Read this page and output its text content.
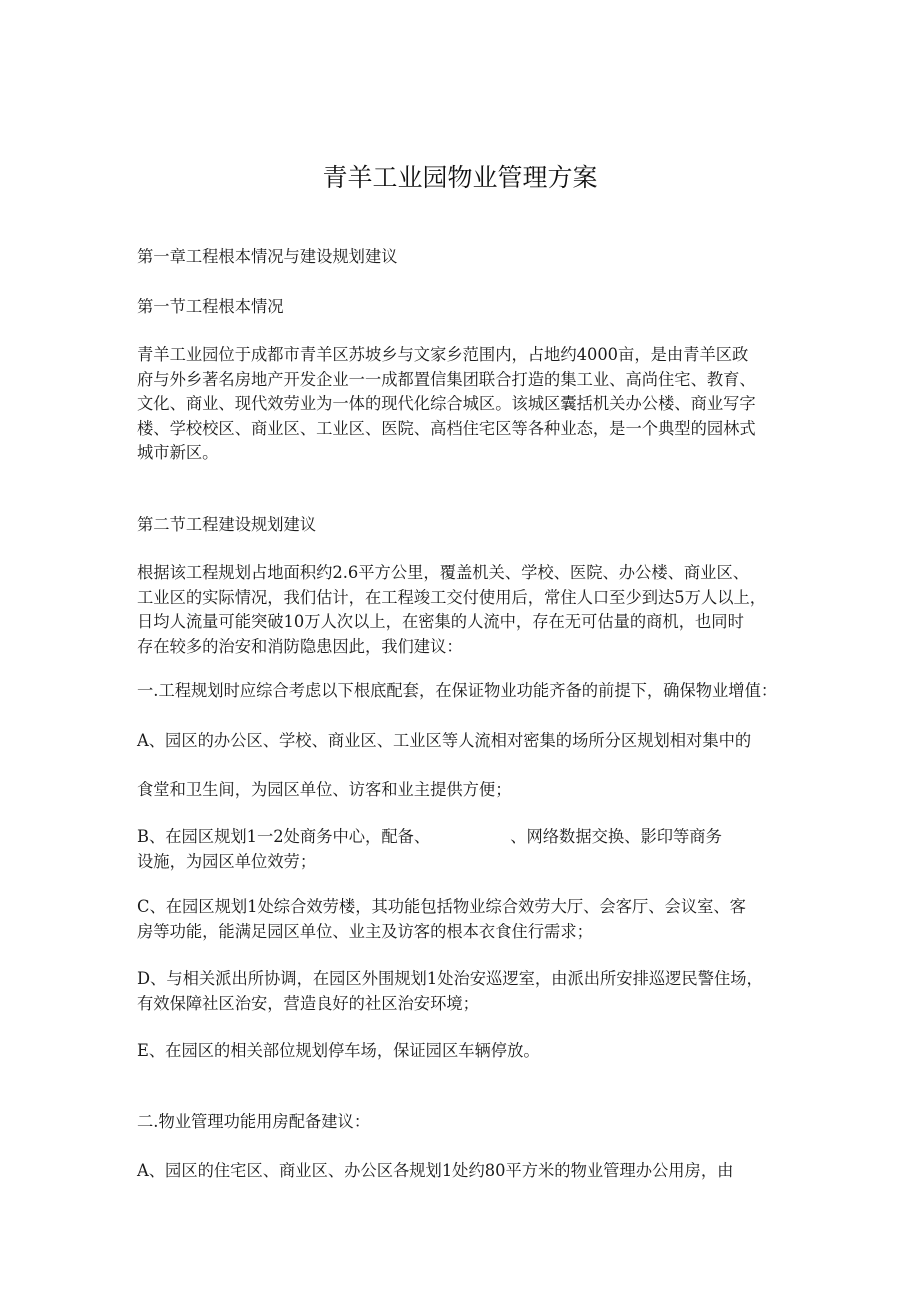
青羊工业园物业管理方案

第一章工程根本情况与建设规划建议

第一节工程根本情况

青羊工业园位于成都市青羊区苏坡乡与文家乡范围内，占地约4000亩，是由青羊区政
府与外乡著名房地产开发企业一一成都置信集团联合打造的集工业、高尚住宅、教育、
文化、商业、现代效劳业为一体的现代化综合城区。该城区囊括机关办公楼、商业写字
楼、学校校区、商业区、工业区、医院、高档住宅区等各种业态，是一个典型的园林式
城市新区。

第二节工程建设规划建议

根据该工程规划占地面积约2.6平方公里，覆盖机关、学校、医院、办公楼、商业区、
工业区的实际情况，我们估计，在工程竣工交付使用后，常住人口至少到达5万人以上，
日均人流量可能突破10万人次以上，在密集的人流中，存在无可估量的商机，也同时
存在较多的治安和消防隐患因此，我们建议：

一.工程规划时应综合考虑以下根底配套，在保证物业功能齐备的前提下，确保物业增值：

A、园区的办公区、学校、商业区、工业区等人流相对密集的场所分区规划相对集中的

食堂和卫生间，为园区单位、访客和业主提供方便；

B、在园区规划1一2处商务中心，配备、	、网络数据交换、影印等商务
设施，为园区单位效劳；
C、在园区规划1处综合效劳楼，其功能包括物业综合效劳大厅、会客厅、会议室、客
房等功能，能满足园区单位、业主及访客的根本衣食住行需求；
D、与相关派出所协调，在园区外围规划1处治安巡逻室，由派出所安排巡逻民警住场，
有效保障社区治安，营造良好的社区治安环境；

E、在园区的相关部位规划停车场，保证园区车辆停放。

二.物业管理功能用房配备建议：

A、园区的住宅区、商业区、办公区各规划1处约80平方米的物业管理办公用房，由
